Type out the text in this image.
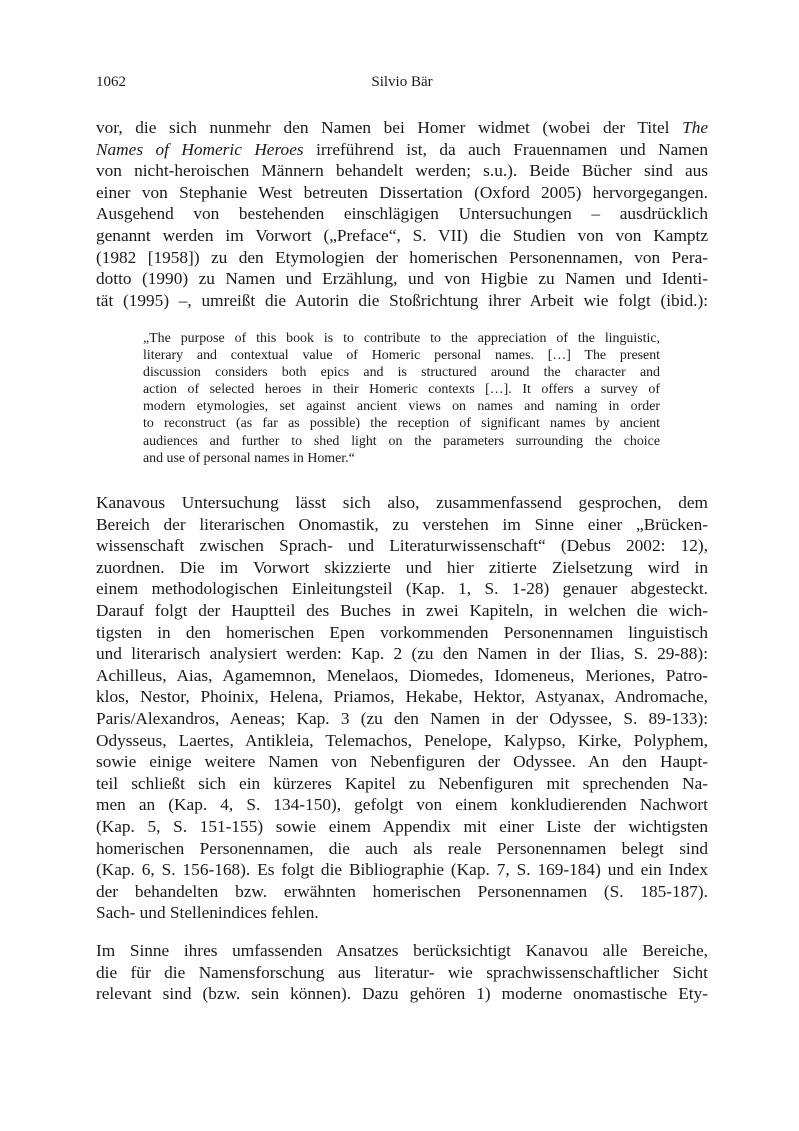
1062	Silvio Bär
vor, die sich nunmehr den Namen bei Homer widmet (wobei der Titel The
Names of Homeric Heroes irreführend ist, da auch Frauennamen und Namen
von nicht-heroischen Männern behandelt werden; s.u.). Beide Bücher sind aus
einer von Stephanie West betreuten Dissertation (Oxford 2005) hervorgegangen.
Ausgehend von bestehenden einschlägigen Untersuchungen – ausdrücklich
genannt werden im Vorwort („Preface“, S. VII) die Studien von von Kamptz
(1982 [1958]) zu den Etymologien der homerischen Personennamen, von Pera-
dotto (1990) zu Namen und Erzählung, und von Higbie zu Namen und Identi-
tät (1995) –, umreißt die Autorin die Stoßrichtung ihrer Arbeit wie folgt (ibid.):
„The purpose of this book is to contribute to the appreciation of the linguistic,
literary and contextual value of Homeric personal names. […] The present
discussion considers both epics and is structured around the character and
action of selected heroes in their Homeric contexts […]. It offers a survey of
modern etymologies, set against ancient views on names and naming in order
to reconstruct (as far as possible) the reception of significant names by ancient
audiences and further to shed light on the parameters surrounding the choice
and use of personal names in Homer.“
Kanavous Untersuchung lässt sich also, zusammenfassend gesprochen, dem
Bereich der literarischen Onomastik, zu verstehen im Sinne einer „Brücken-
wissenschaft zwischen Sprach- und Literaturwissenschaft“ (Debus 2002: 12),
zuordnen. Die im Vorwort skizzierte und hier zitierte Zielsetzung wird in
einem methodologischen Einleitungsteil (Kap. 1, S. 1-28) genauer abgesteckt.
Darauf folgt der Hauptteil des Buches in zwei Kapiteln, in welchen die wich-
tigsten in den homerischen Epen vorkommenden Personennamen linguistisch
und literarisch analysiert werden: Kap. 2 (zu den Namen in der Ilias, S. 29-88):
Achilleus, Aias, Agamemnon, Menelaos, Diomedes, Idomeneus, Meriones, Patro-
klos, Nestor, Phoinix, Helena, Priamos, Hekabe, Hektor, Astyanax, Andromache,
Paris/Alexandros, Aeneas; Kap. 3 (zu den Namen in der Odyssee, S. 89-133):
Odysseus, Laertes, Antikleia, Telemachos, Penelope, Kalypso, Kirke, Polyphem,
sowie einige weitere Namen von Nebenfiguren der Odyssee. An den Haupt-
teil schließt sich ein kürzeres Kapitel zu Nebenfiguren mit sprechenden Na-
men an (Kap. 4, S. 134-150), gefolgt von einem konkludierenden Nachwort
(Kap. 5, S. 151-155) sowie einem Appendix mit einer Liste der wichtigsten
homerischen Personennamen, die auch als reale Personennamen belegt sind
(Kap. 6, S. 156-168). Es folgt die Bibliographie (Kap. 7, S. 169-184) und ein Index
der behandelten bzw. erwähnten homerischen Personennamen (S. 185-187).
Sach- und Stellenindices fehlen.
Im Sinne ihres umfassenden Ansatzes berücksichtigt Kanavou alle Bereiche,
die für die Namensforschung aus literatur- wie sprachwissenschaftlicher Sicht
relevant sind (bzw. sein können). Dazu gehören 1) moderne onomastische Ety-
